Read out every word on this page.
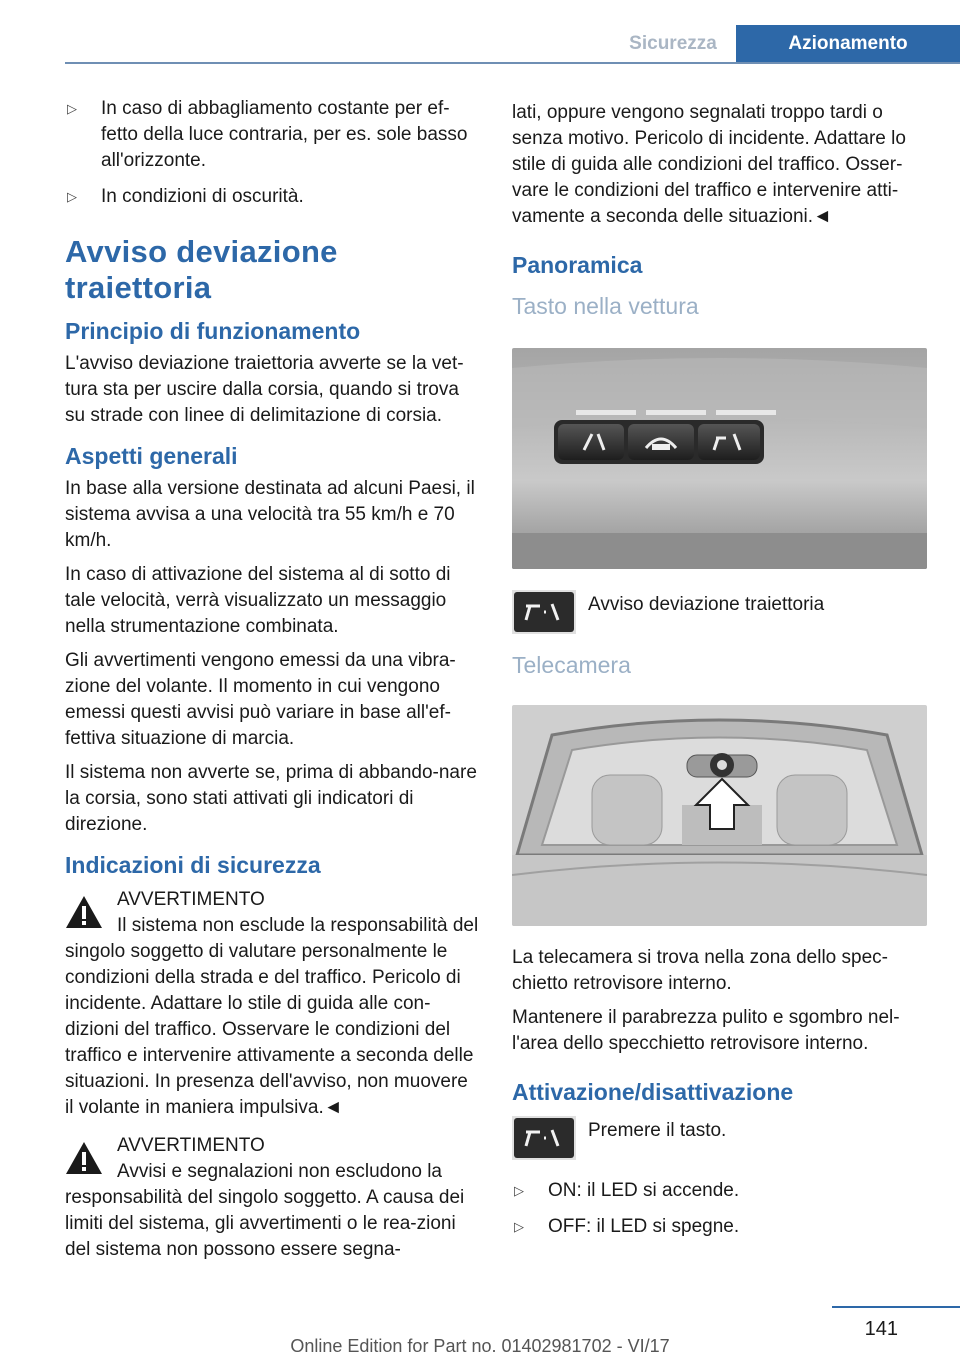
Sicurezza	Azionamento
▷	In caso di abbagliamento costante per ef-fetto della luce contraria, per es. sole basso all'orizzonte.
▷	In condizioni di oscurità.
Avviso deviazione traiettoria
Principio di funzionamento

L'avviso deviazione traiettoria avverte se la vet-tura sta per uscire dalla corsia, quando si trova su strade con linee di delimitazione di corsia.

Aspetti generali

In base alla versione destinata ad alcuni Paesi, il sistema avvisa a una velocità tra 55 km/h e 70 km/h.

In caso di attivazione del sistema al di sotto di tale velocità, verrà visualizzato un messaggio nella strumentazione combinata.

Gli avvertimenti vengono emessi da una vibra-zione del volante. Il momento in cui vengono emessi questi avvisi può variare in base all'ef-fettiva situazione di marcia.

Il sistema non avverte se, prima di abbando-nare la corsia, sono stati attivati gli indicatori di direzione.

Indicazioni di sicurezza
AVVERTIMENTO

Il sistema non esclude la responsabilità del singolo soggetto di valutare personalmente le condizioni della strada e del traffico. Pericolo di incidente. Adattare lo stile di guida alle con-dizioni del traffico. Osservare le condizioni del traffico e intervenire attivamente a seconda delle situazioni. In presenza dell'avviso, non muovere il volante in maniera impulsiva.◄

AVVERTIMENTO

Avvisi e segnalazioni non escludono la responsabilità del singolo soggetto. A causa dei limiti del sistema, gli avvertimenti o le rea-zioni del sistema non possono essere segna-

lati, oppure vengono segnalati troppo tardi o senza motivo. Pericolo di incidente. Adattare lo stile di guida alle condizioni del traffico. Osser-vare le condizioni del traffico e intervenire atti-vamente a seconda delle situazioni.◄

Panoramica
Tasto nella vettura
Avviso deviazione traiettoria
Telecamera

La telecamera si trova nella zona dello spec-chietto retrovisore interno.

Mantenere il parabrezza pulito e sgombro nel-l'area dello specchietto retrovisore interno.

Attivazione/disattivazione
Premere il tasto.
▷	ON: il LED si accende.
▷	OFF: il LED si spegne.
141
Online Edition for Part no. 01402981702 - VI/17
